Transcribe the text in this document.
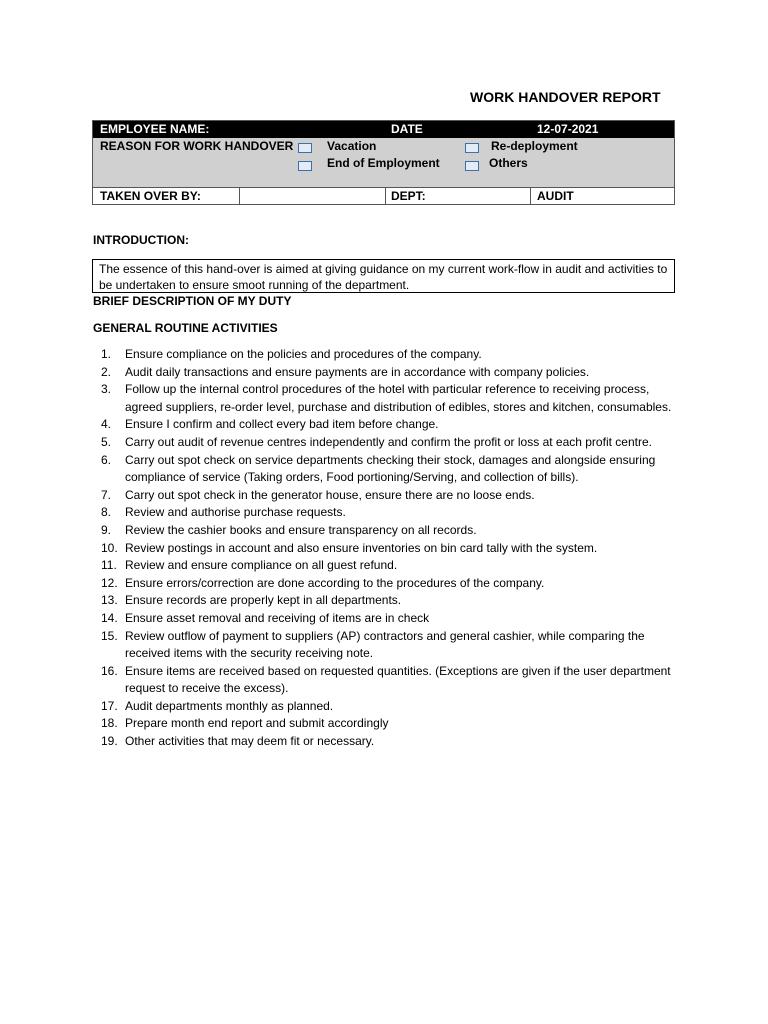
WORK HANDOVER REPORT
EMPLOYEE NAME:	DATE	12-07-2021
REASON FOR WORK HANDOVER	Vacation	Re-deployment
End of Employment	Others
TAKEN OVER BY:	DEPT:	AUDIT
INTRODUCTION:
The essence of this hand-over is aimed at giving guidance on my current work-flow in audit and activities to be undertaken to ensure smoot running of the department.
BRIEF DESCRIPTION OF MY DUTY
GENERAL ROUTINE ACTIVITIES
1. Ensure compliance on the policies and procedures of the company.
2. Audit daily transactions and ensure payments are in accordance with company policies.
3. Follow up the internal control procedures of the hotel with particular reference to receiving process, agreed suppliers, re-order level, purchase and distribution of edibles, stores and kitchen, consumables.
4. Ensure I confirm and collect every bad item before change.
5. Carry out audit of revenue centres independently and confirm the profit or loss at each profit centre.
6. Carry out spot check on service departments checking their stock, damages and alongside ensuring compliance of service (Taking orders, Food portioning/Serving, and collection of bills).
7. Carry out spot check in the generator house, ensure there are no loose ends.
8. Review and authorise purchase requests.
9. Review the cashier books and ensure transparency on all records.
10. Review postings in account and also ensure inventories on bin card tally with the system.
11. Review and ensure compliance on all guest refund.
12. Ensure errors/correction are done according to the procedures of the company.
13. Ensure records are properly kept in all departments.
14. Ensure asset removal and receiving of items are in check
15. Review outflow of payment to suppliers (AP) contractors and general cashier, while comparing the received items with the security receiving note.
16. Ensure items are received based on requested quantities. (Exceptions are given if the user department request to receive the excess).
17. Audit departments monthly as planned.
18. Prepare month end report and submit accordingly
19. Other activities that may deem fit or necessary.
